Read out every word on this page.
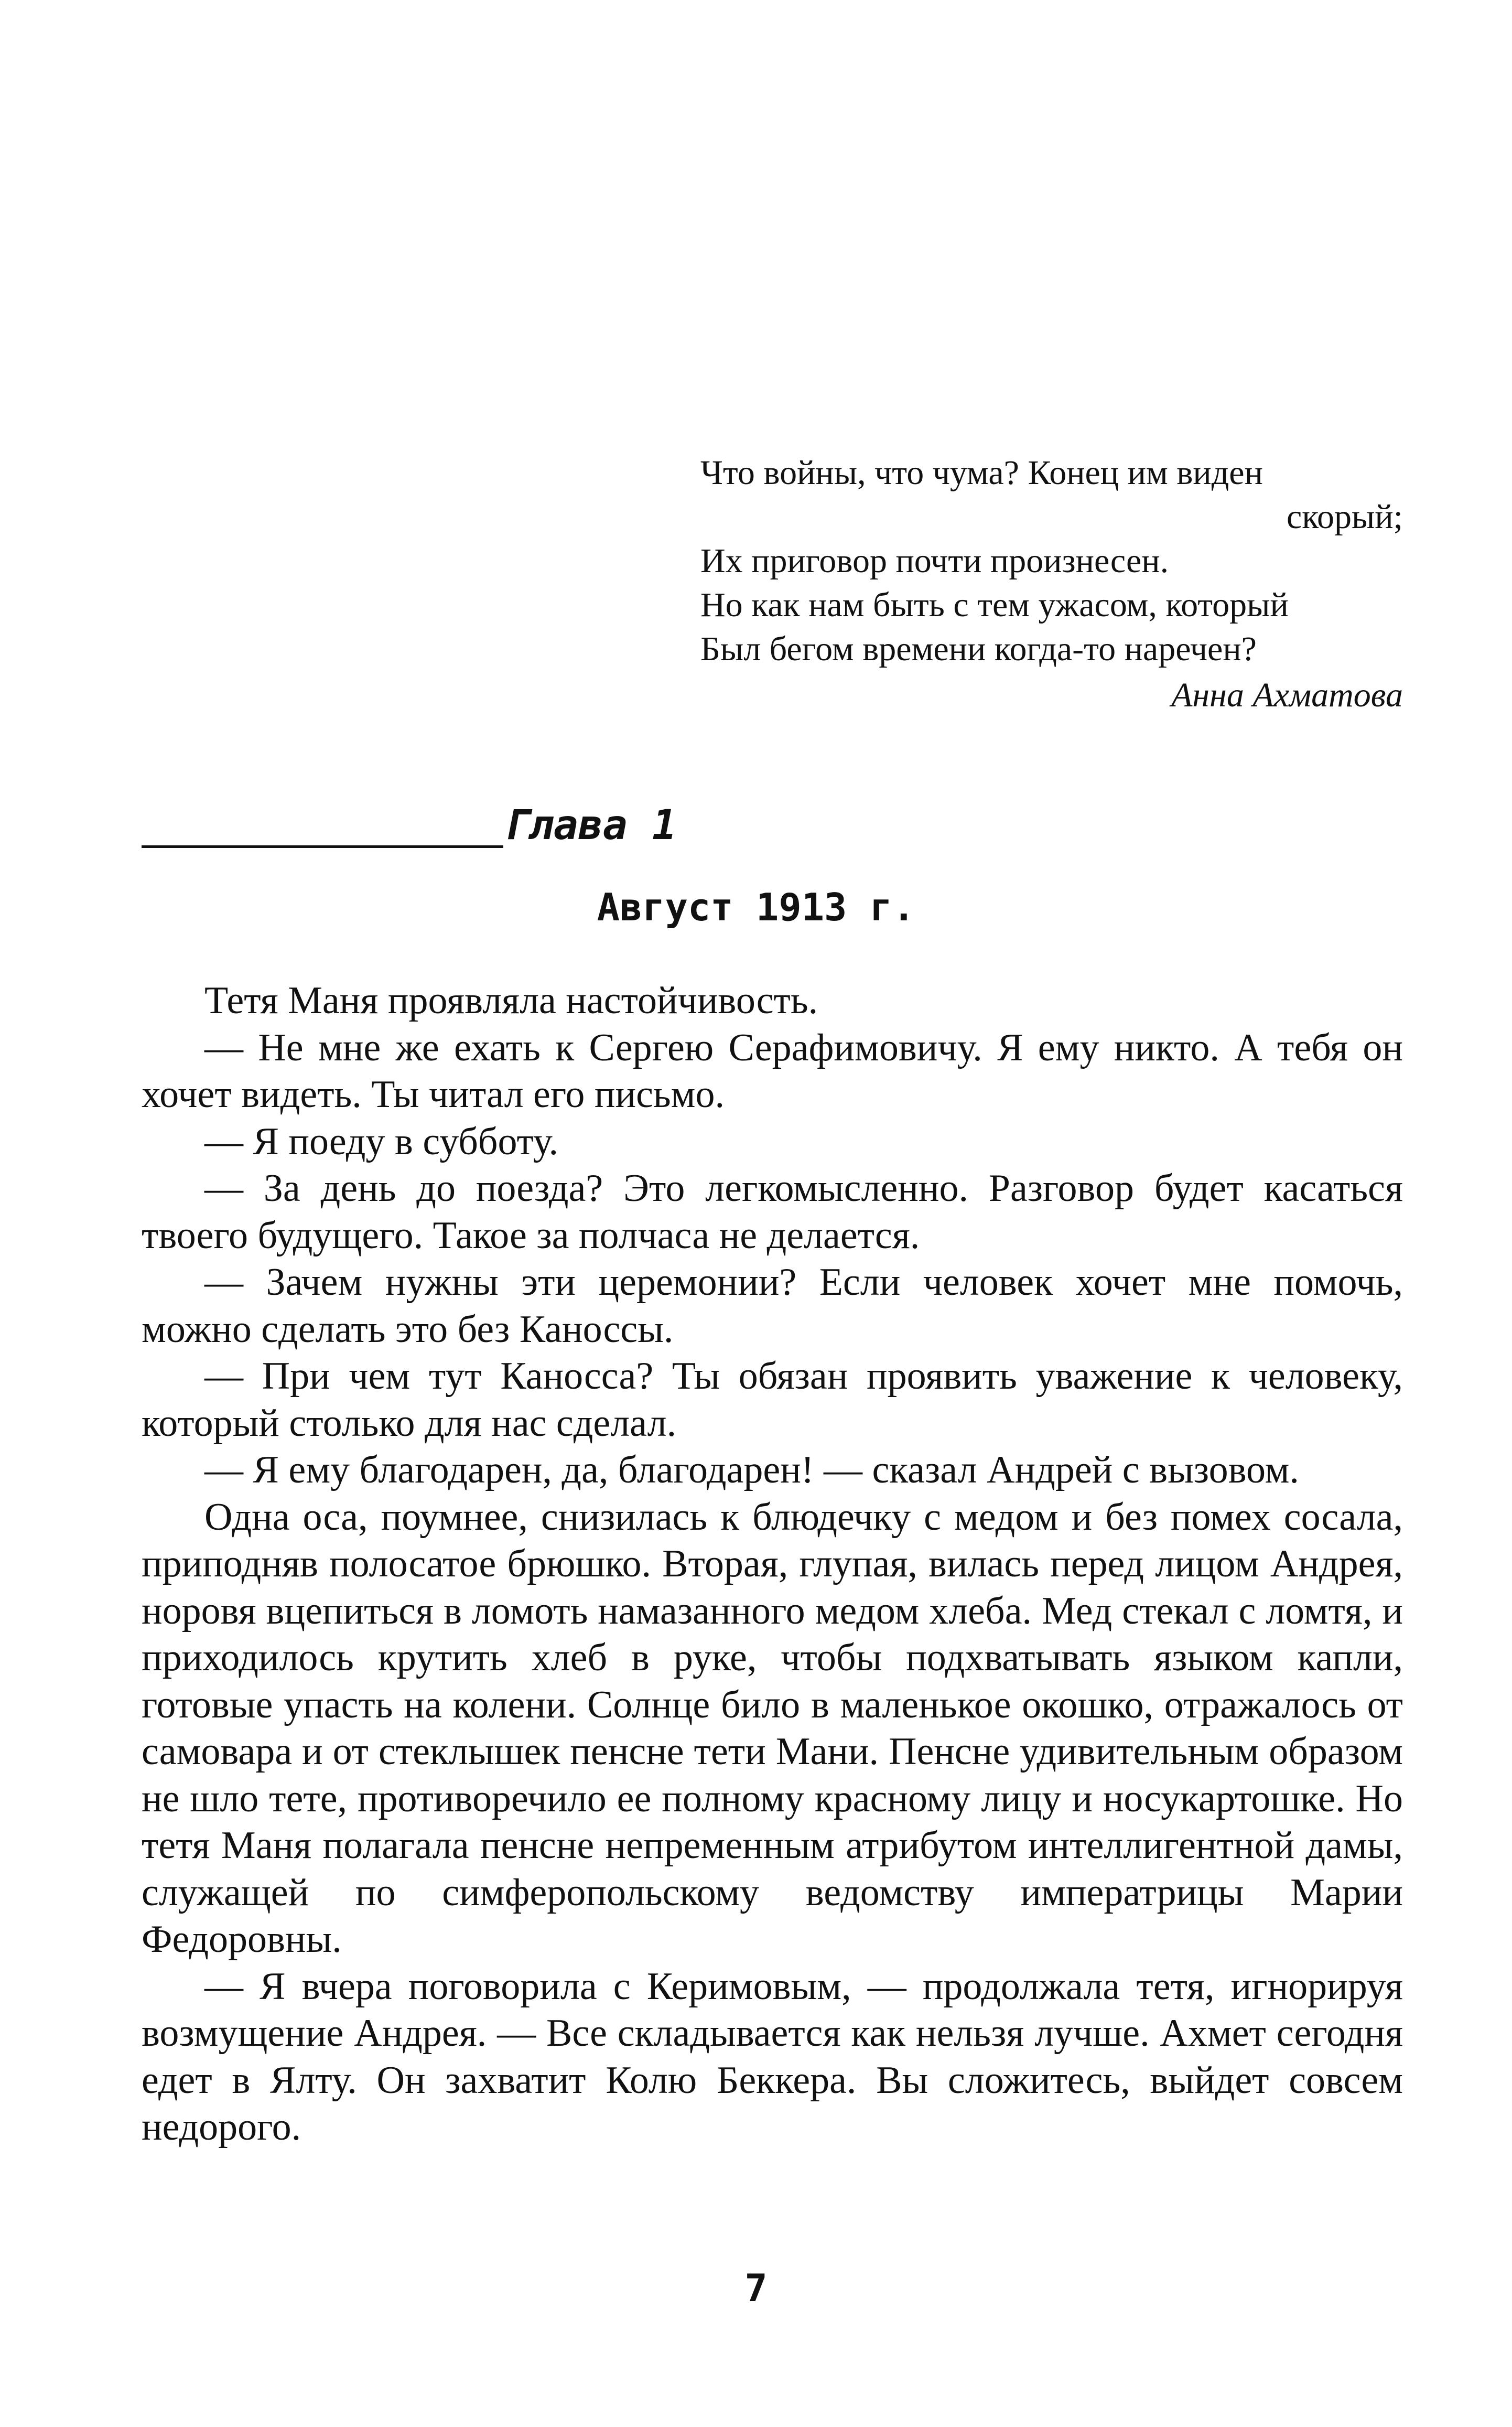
Что войны, что чума? Конец им виден
скорый;
Их приговор почти произнесен.
Но как нам быть с тем ужасом, который
Был бегом времени когда-то наречен?
Анна Ахматова
Глава 1
Август 1913 г.

Тетя Маня проявляла настойчивость.

— Не мне же ехать к Сергею Серафимовичу. Я ему никто. А тебя он хочет видеть. Ты читал его письмо.

— Я поеду в субботу.

— За день до поезда? Это легкомысленно. Разговор будет касаться твоего будущего. Такое за полчаса не делается.

— Зачем нужны эти церемонии? Если человек хочет мне помочь, можно сделать это без Каноссы.

— При чем тут Каносса? Ты обязан проявить уважение к человеку, который столько для нас сделал.

— Я ему благодарен, да, благодарен! — сказал Андрей с вызовом.

Одна оса, поумнее, снизилась к блюдечку с медом и без помех сосала, приподняв полосатое брюшко. Вторая, глупая, вилась перед лицом Андрея, норовя вцепиться в ломоть намазанного медом хлеба. Мед стекал с ломтя, и приходилось крутить хлеб в руке, чтобы подхватывать языком капли, готовые упасть на колени. Солнце било в маленькое окошко, отражалось от самовара и от стеклышек пенсне тети Мани. Пенсне удивительным образом не шло тете, противоречило ее полному красному лицу и носукартошке. Но тетя Маня полагала пенсне непременным атрибутом интеллигентной дамы, служащей по симферопольскому ведомству императрицы Марии Федоровны.

— Я вчера поговорила с Керимовым, — продолжала тетя, игнорируя возмущение Андрея. — Все складывается как нельзя лучше. Ахмет сегодня едет в Ялту. Он захватит Колю Беккера. Вы сложитесь, выйдет совсем недорого.

7
